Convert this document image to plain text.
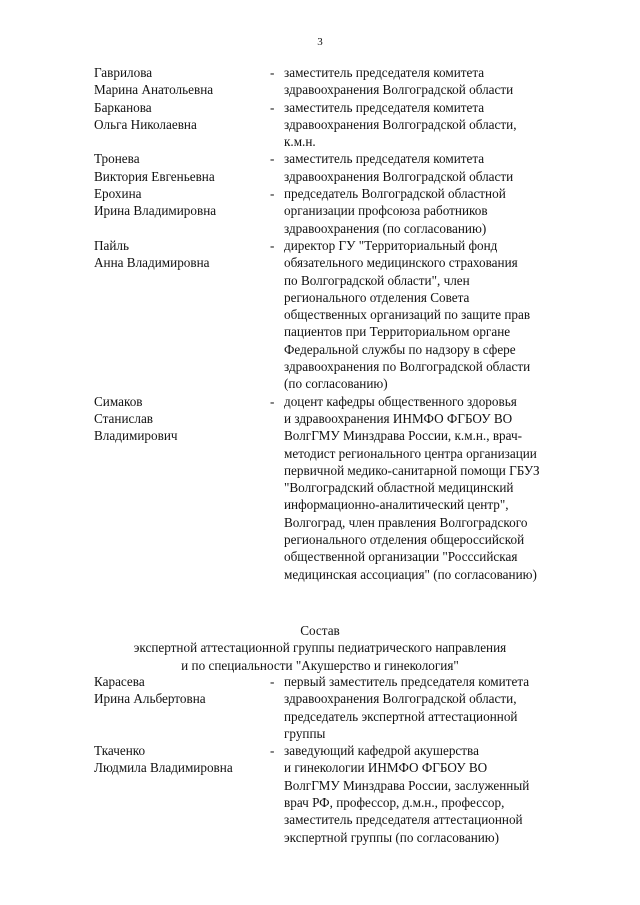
3
Гаврилова
Марина Анатольевна
- заместитель председателя комитета
здравоохранения Волгоградской области
Барканова
Ольга Николаевна
- заместитель председателя комитета
здравоохранения Волгоградской области,
к.м.н.
Тронева
Виктория Евгеньевна
- заместитель председателя комитета
здравоохранения Волгоградской области
Ерохина
Ирина Владимировна
- председатель Волгоградской областной
организации профсоюза работников
здравоохранения (по согласованию)
Пайль
Анна Владимировна
- директор ГУ "Территориальный фонд
обязательного медицинского страхования
по Волгоградской области", член
регионального отделения Совета
общественных организаций по защите прав
пациентов при Территориальном органе
Федеральной службы по надзору в сфере
здравоохранения по Волгоградской области
(по согласованию)
Симаков
Станислав
Владимирович
- доцент кафедры общественного здоровья
и здравоохранения ИНМФО ФГБОУ ВО
ВолгГМУ Минздрава России, к.м.н., врач-
методист регионального центра организации
первичной медико-санитарной помощи ГБУЗ
"Волгоградский областной медицинский
информационно-аналитический центр",
Волгоград, член правления Волгоградского
регионального отделения общероссийской
общественной организации "Росссийская
медицинская ассоциация" (по согласованию)
Состав
экспертной аттестационной группы педиатрического направления
и по специальности "Акушерство и гинекология"
Карасева
Ирина Альбертовна
- первый заместитель председателя комитета
здравоохранения Волгоградской области,
председатель экспертной аттестационной
группы
Ткаченко
Людмила Владимировна
- заведующий кафедрой акушерства
и гинекологии ИНМФО ФГБОУ ВО
ВолгГМУ Минздрава России, заслуженный
врач РФ, профессор, д.м.н., профессор,
заместитель председателя аттестационной
экспертной группы (по согласованию)
